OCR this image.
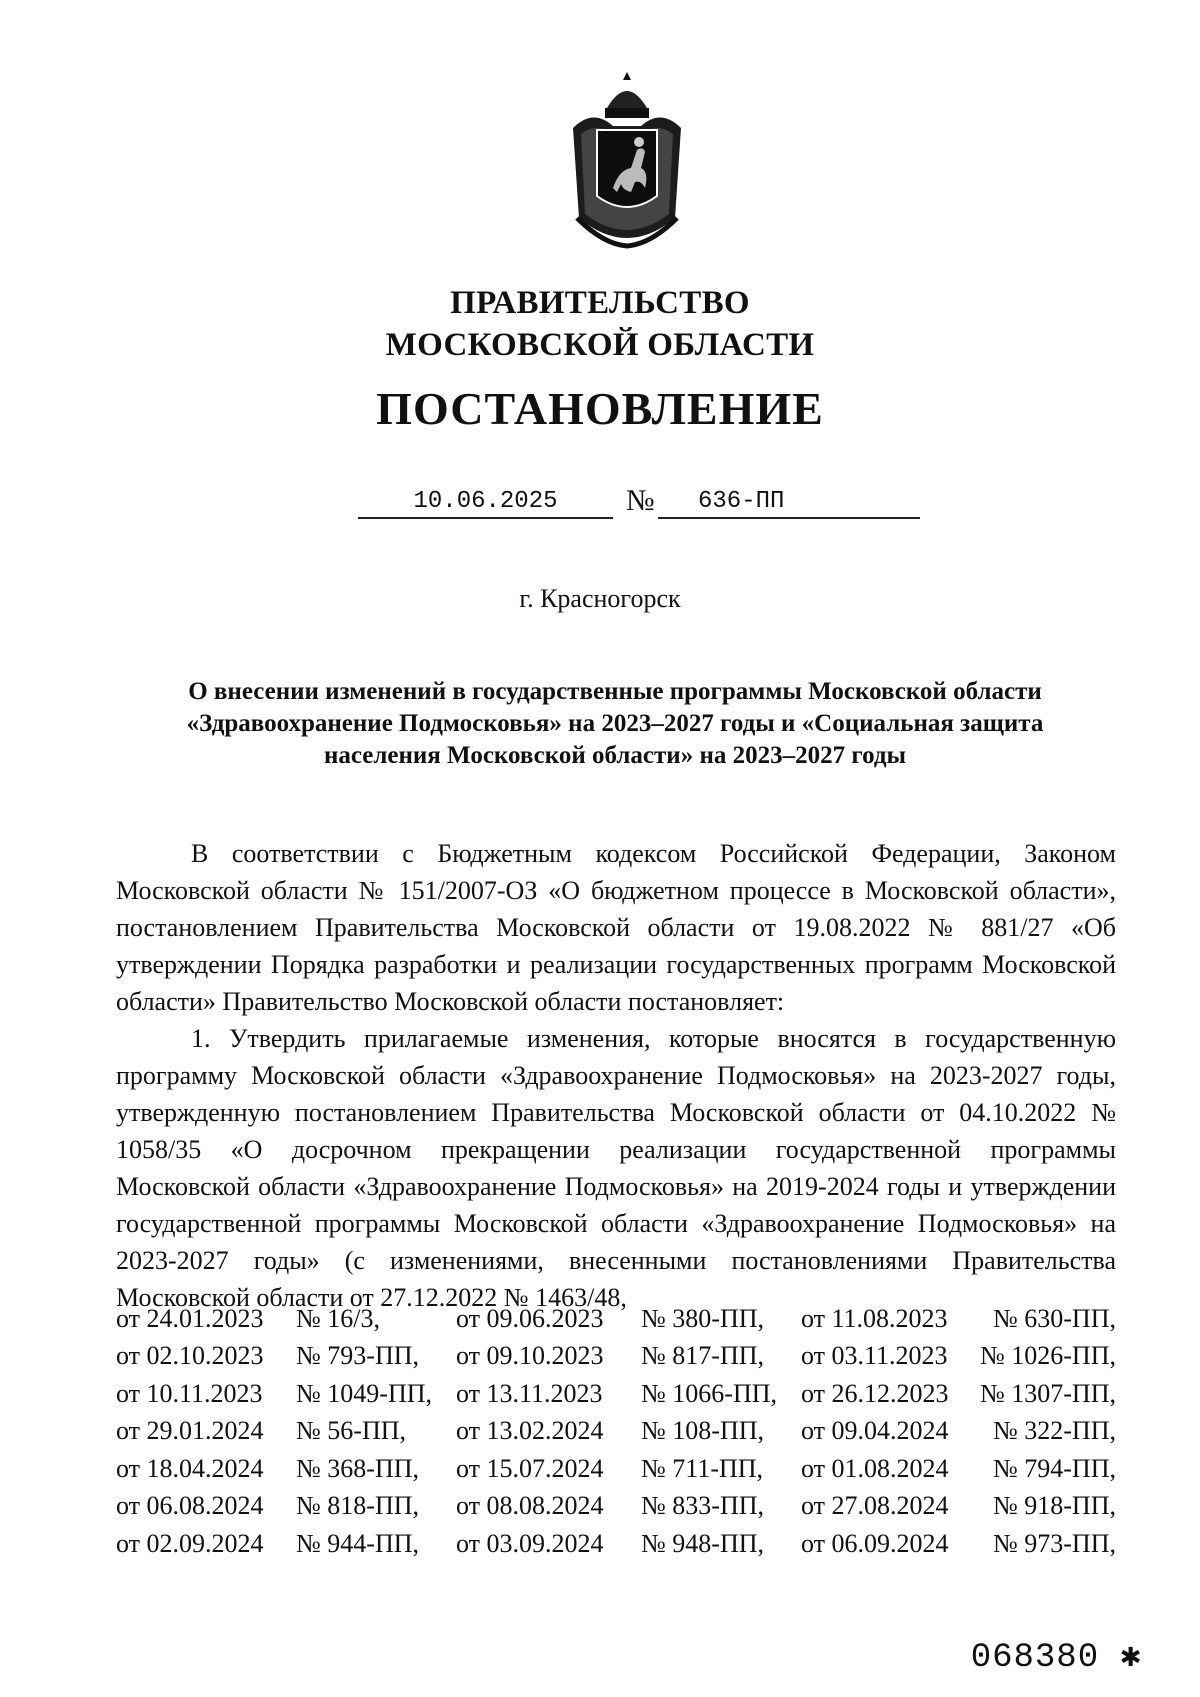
ПРАВИТЕЛЬСТВО
МОСКОВСКОЙ ОБЛАСТИ
ПОСТАНОВЛЕНИЕ
10.06.2025	№	636-ПП
г. Красногорск
О внесении изменений в государственные программы Московской области
«Здравоохранение Подмосковья» на 2023–2027 годы и «Социальная защита
населения Московской области» на 2023–2027 годы

В соответствии с Бюджетным кодексом Российской Федерации, Законом Московской области № 151/2007-ОЗ «О бюджетном процессе в Московской области», постановлением Правительства Московской области от 19.08.2022 № 881/27 «Об утверждении Порядка разработки и реализации государственных программ Московской области» Правительство Московской области постановляет:

1. Утвердить прилагаемые изменения, которые вносятся в государственную программу Московской области «Здравоохранение Подмосковья» на 2023-2027 годы, утвержденную постановлением Правительства Московской области от 04.10.2022 № 1058/35 «О досрочном прекращении реализации государственной программы Московской области «Здравоохранение Подмосковья» на 2019-2024 годы и утверждении государственной программы Московской области «Здравоохранение Подмосковья» на 2023-2027 годы» (с изменениями, внесенными постановлениями Правительства Московской области от 27.12.2022 № 1463/48,

от 24.01.2023	№ 16/3,	от 09.06.2023	№ 380-ПП,	от 11.08.2023	№ 630-ПП,
от 02.10.2023	№ 793-ПП,	от 09.10.2023	№ 817-ПП,	от 03.11.2023	№ 1026-ПП,
от 10.11.2023	№ 1049-ПП,	от 13.11.2023	№ 1066-ПП,	от 26.12.2023	№ 1307-ПП,
от 29.01.2024	№ 56-ПП,	от 13.02.2024	№ 108-ПП,	от 09.04.2024	№ 322-ПП,
от 18.04.2024	№ 368-ПП,	от 15.07.2024	№ 711-ПП,	от 01.08.2024	№ 794-ПП,
от 06.08.2024	№ 818-ПП,	от 08.08.2024	№ 833-ПП,	от 27.08.2024	№ 918-ПП,
от 02.09.2024	№ 944-ПП,	от 03.09.2024	№ 948-ПП,	от 06.09.2024	№ 973-ПП,
068380 ✱
